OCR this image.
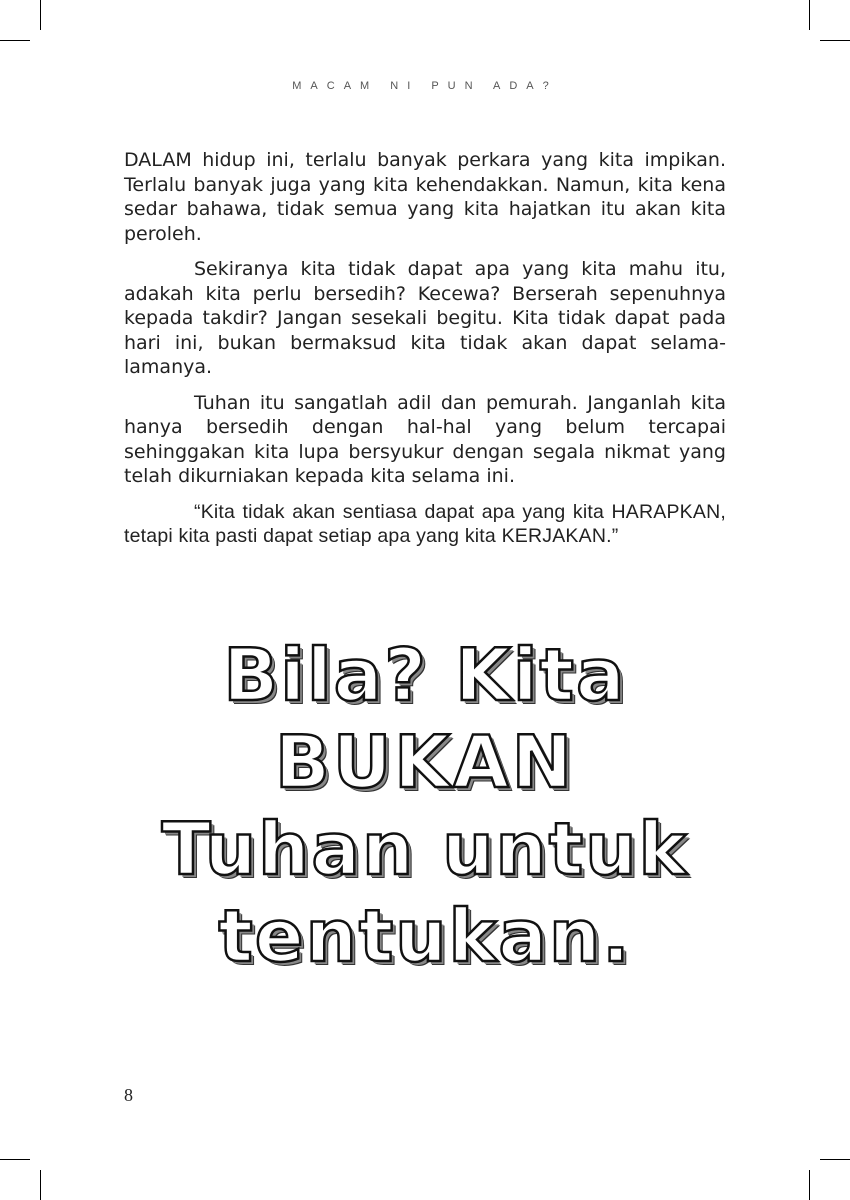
MACAM NI PUN ADA?

DALAM hidup ini, terlalu banyak perkara yang kita impikan. Terlalu banyak juga yang kita kehendakkan. Namun, kita kena sedar bahawa, tidak semua yang kita hajatkan itu akan kita peroleh.

Sekiranya kita tidak dapat apa yang kita mahu itu, adakah kita perlu bersedih? Kecewa? Berserah sepenuhnya kepada takdir? Jangan sesekali begitu. Kita tidak dapat pada hari ini, bukan bermaksud kita tidak akan dapat selama-lamanya.

Tuhan itu sangatlah adil dan pemurah. Janganlah kita hanya bersedih dengan hal-hal yang belum tercapai sehinggakan kita lupa bersyukur dengan segala nikmat yang telah dikurniakan kepada kita selama ini.

“Kita tidak akan sentiasa dapat apa yang kita HARAPKAN, tetapi kita pasti dapat setiap apa yang kita KERJAKAN.”

Bila? Kita
BUKAN
Tuhan untuk
tentukan.
8
